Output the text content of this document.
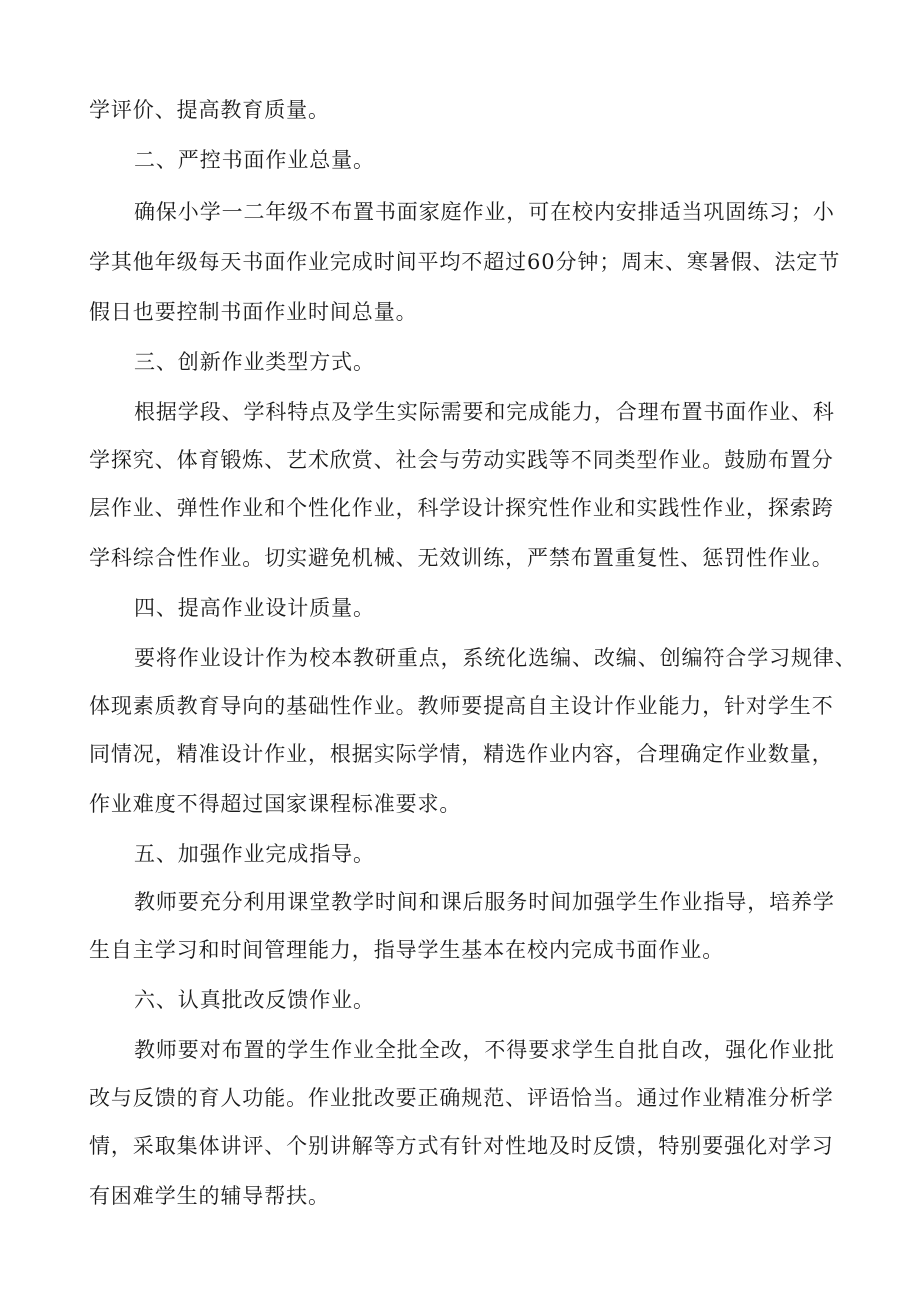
学评价、提高教育质量。
二、严控书面作业总量。
确保小学一二年级不布置书面家庭作业，可在校内安排适当巩固练习；小
学其他年级每天书面作业完成时间平均不超过60分钟；周末、寒暑假、法定节
假日也要控制书面作业时间总量。
三、创新作业类型方式。
根据学段、学科特点及学生实际需要和完成能力，合理布置书面作业、科
学探究、体育锻炼、艺术欣赏、社会与劳动实践等不同类型作业。鼓励布置分
层作业、弹性作业和个性化作业，科学设计探究性作业和实践性作业，探索跨
学科综合性作业。切实避免机械、无效训练，严禁布置重复性、惩罚性作业。
四、提高作业设计质量。
要将作业设计作为校本教研重点，系统化选编、改编、创编符合学习规律、
体现素质教育导向的基础性作业。教师要提高自主设计作业能力，针对学生不
同情况，精准设计作业，根据实际学情，精选作业内容，合理确定作业数量，
作业难度不得超过国家课程标准要求。
五、加强作业完成指导。
教师要充分利用课堂教学时间和课后服务时间加强学生作业指导，培养学
生自主学习和时间管理能力，指导学生基本在校内完成书面作业。
六、认真批改反馈作业。
教师要对布置的学生作业全批全改，不得要求学生自批自改，强化作业批
改与反馈的育人功能。作业批改要正确规范、评语恰当。通过作业精准分析学
情，采取集体讲评、个别讲解等方式有针对性地及时反馈，特别要强化对学习
有困难学生的辅导帮扶。
